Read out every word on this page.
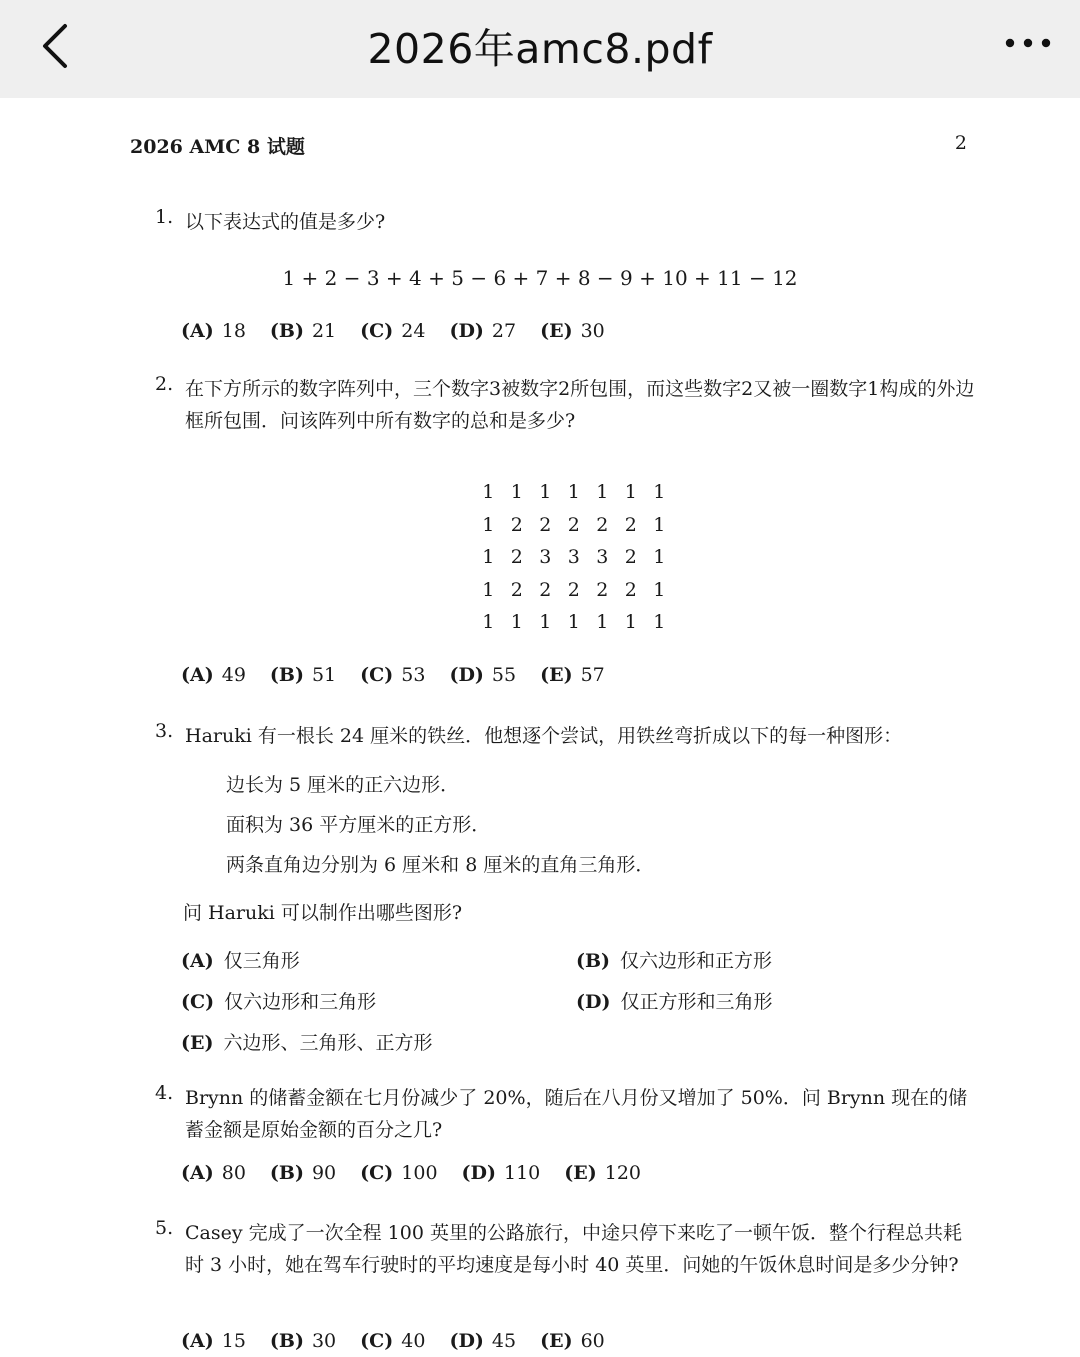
2026年amc8.pdf
2026 AMC 8 试题	2
1. 以下表达式的值是多少?
1 + 2 − 3 + 4 + 5 − 6 + 7 + 8 − 9 + 10 + 11 − 12
(A) 18 (B) 21 (C) 24 (D) 27 (E) 30
2. 在下方所示的数字阵列中，三个数字3被数字2所包围，而这些数字2又被一圈数字1构成的外边框所包围．问该阵列中所有数字的总和是多少?
1 1 1 1 1 1 1
1 2 2 2 2 2 1
1 2 3 3 3 2 1
1 2 2 2 2 2 1
1 1 1 1 1 1 1
(A) 49 (B) 51 (C) 53 (D) 55 (E) 57
3. Haruki 有一根长 24 厘米的铁丝．他想逐个尝试，用铁丝弯折成以下的每一种图形：
边长为 5 厘米的正六边形．
面积为 36 平方厘米的正方形．
两条直角边分别为 6 厘米和 8 厘米的直角三角形．
问 Haruki 可以制作出哪些图形?
(A) 仅三角形	(B) 仅六边形和正方形
(C) 仅六边形和三角形	(D) 仅正方形和三角形
(E) 六边形、三角形、正方形
4. Brynn 的储蓄金额在七月份减少了 20%，随后在八月份又增加了 50%．问 Brynn 现在的储蓄金额是原始金额的百分之几?
(A) 80 (B) 90 (C) 100 (D) 110 (E) 120
5. Casey 完成了一次全程 100 英里的公路旅行，中途只停下来吃了一顿午饭．整个行程总共耗时 3 小时，她在驾车行驶时的平均速度是每小时 40 英里．问她的午饭休息时间是多少分钟?
(A) 15 (B) 30 (C) 40 (D) 45 (E) 60
